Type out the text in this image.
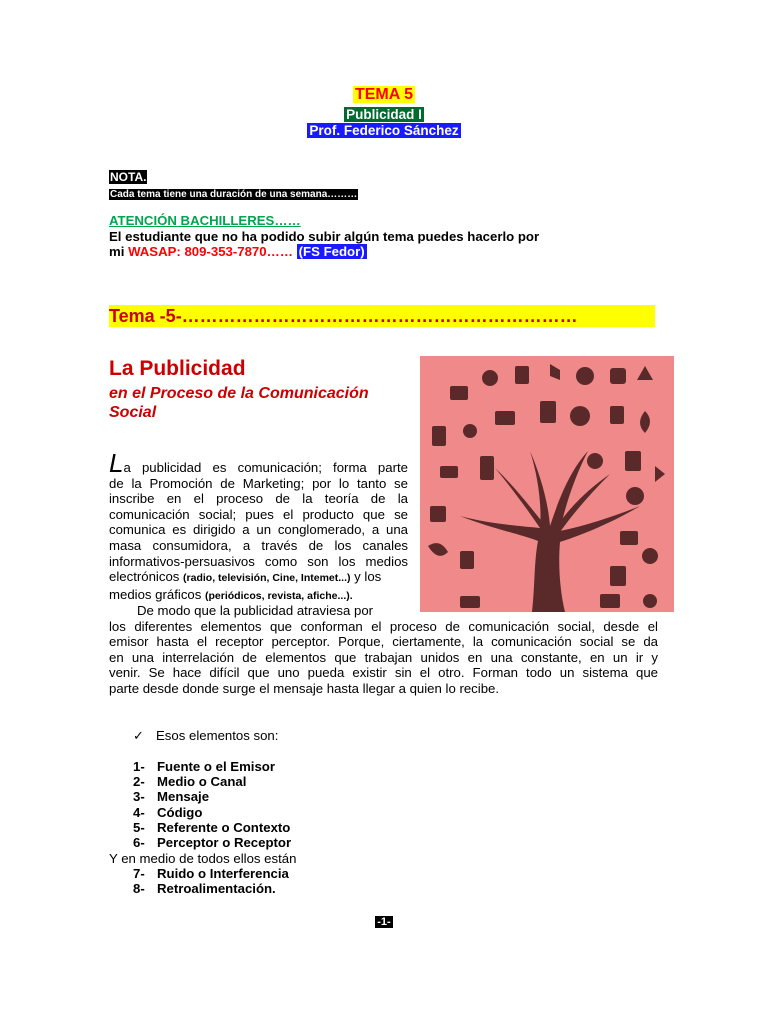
TEMA 5
Publicidad I
Prof. Federico Sánchez
NOTA.
Cada tema tiene una duración de una semana………
ATENCIÓN BACHILLERES……
El estudiante que no ha podido subir algún tema puedes hacerlo por
mi WASAP: 809-353-7870…… (FS Fedor)
Tema -5-…………………………………………………………
La Publicidad
en el Proceso de la Comunicación
Social
La publicidad es comunicación; forma parte
de la Promoción de Marketing; por lo tanto se
inscribe en el proceso de la teoría de la
comunicación social; pues el producto que se
comunica es dirigido a un conglomerado, a una
masa consumidora, a través de los canales
informativos-persuasivos como son los medios
electrónicos (radio, televisión, Cine, Intemet...) y los
medios gráficos (periódicos, revista, afiche...).
De modo que la publicidad atraviesa por
los diferentes elementos que conforman el proceso de comunicación social, desde el
emisor hasta el receptor perceptor. Porque, ciertamente, la comunicación social se da
en una interrelación de elementos que trabajan unidos en una constante, en un ir y
venir. Se hace difícil que uno pueda existir sin el otro. Forman todo un sistema que
parte desde donde surge el mensaje hasta llegar a quien lo recibe.
✓ Esos elementos son:
1- Fuente o el Emisor
2- Medio o Canal
3- Mensaje
4- Código
5- Referente o Contexto
6- Perceptor o Receptor
Y en medio de todos ellos están
7- Ruido o Interferencia
8- Retroalimentación.
-1-
